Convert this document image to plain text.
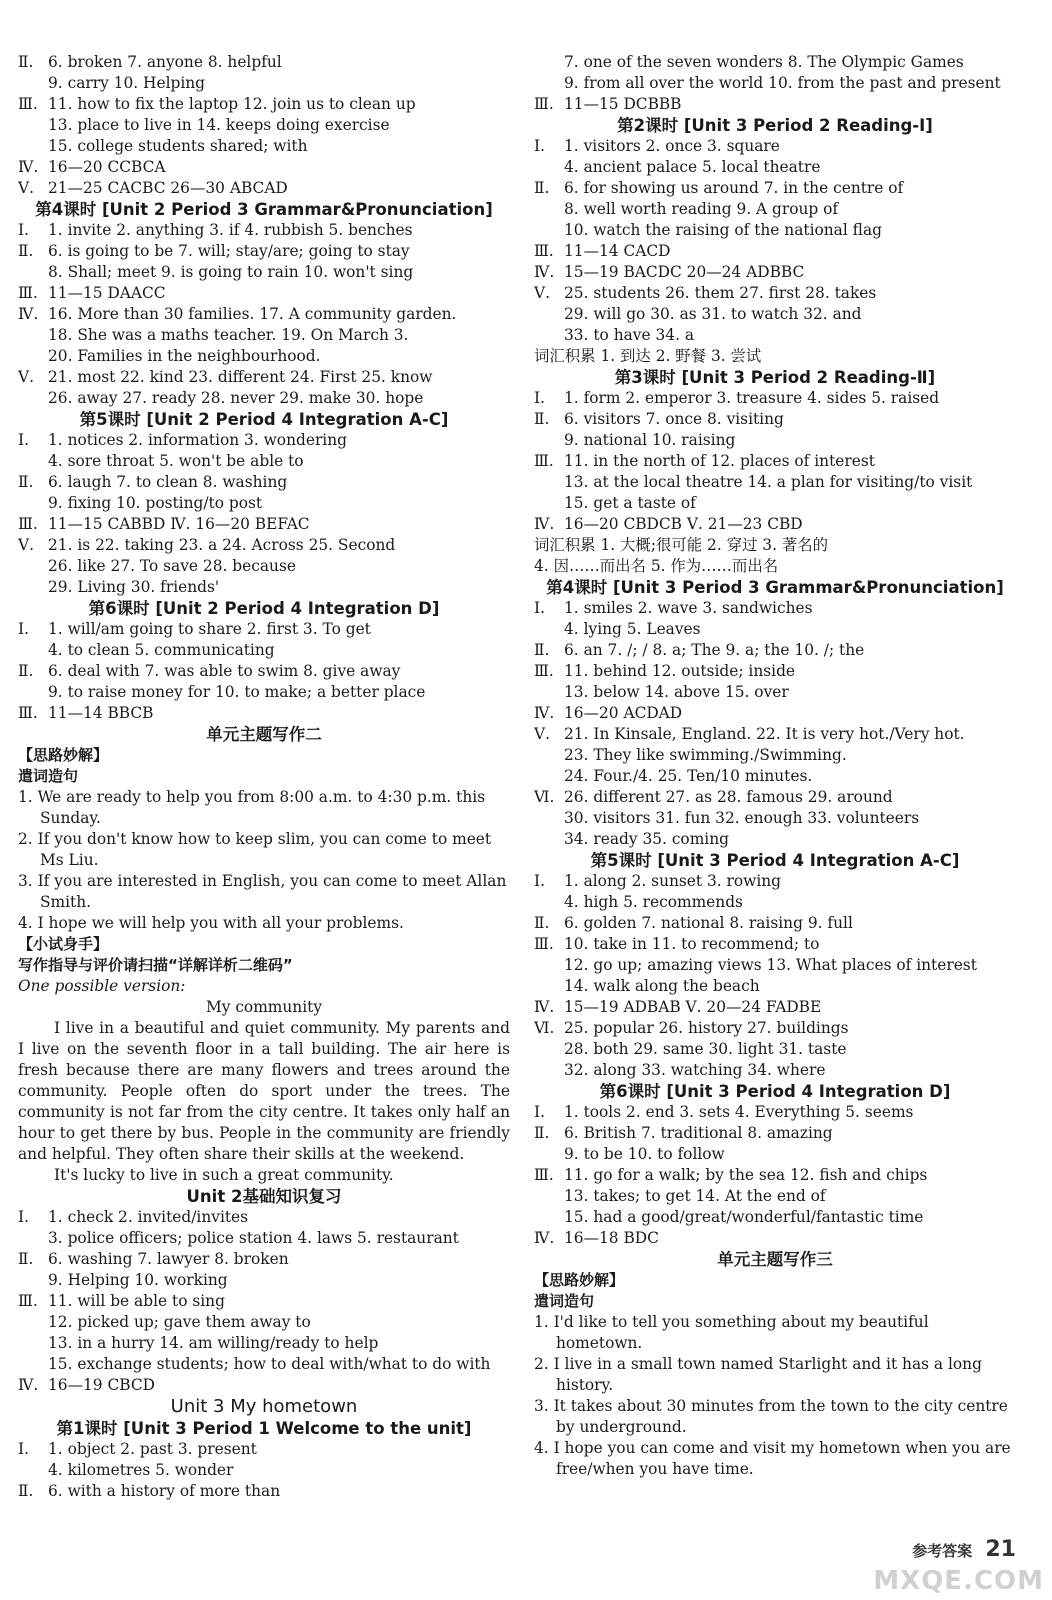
Ⅱ. 6. broken 7. anyone 8. helpful
9. carry 10. Helping
Ⅲ. 11. how to fix the laptop 12. join us to clean up
13. place to live in 14. keeps doing exercise
15. college students shared; with
Ⅳ. 16—20 CCBCA
Ⅴ. 21—25 CACBC 26—30 ABCAD
第4课时 [Unit 2 Period 3 Grammar&Pronunciation]
Ⅰ. 1. invite 2. anything 3. if 4. rubbish 5. benches
Ⅱ. 6. is going to be 7. will; stay/are; going to stay
8. Shall; meet 9. is going to rain 10. won't sing
Ⅲ. 11—15 DAACC
Ⅳ. 16. More than 30 families. 17. A community garden.
18. She was a maths teacher. 19. On March 3.
20. Families in the neighbourhood.
Ⅴ. 21. most 22. kind 23. different 24. First 25. know
26. away 27. ready 28. never 29. make 30. hope
第5课时 [Unit 2 Period 4 Integration A-C]
Ⅰ. 1. notices 2. information 3. wondering
4. sore throat 5. won't be able to
Ⅱ. 6. laugh 7. to clean 8. washing
9. fixing 10. posting/to post
Ⅲ. 11—15 CABBD Ⅳ. 16—20 BEFAC
Ⅴ. 21. is 22. taking 23. a 24. Across 25. Second
26. like 27. To save 28. because
29. Living 30. friends'
第6课时 [Unit 2 Period 4 Integration D]
Ⅰ. 1. will/am going to share 2. first 3. To get
4. to clean 5. communicating
Ⅱ. 6. deal with 7. was able to swim 8. give away
9. to raise money for 10. to make; a better place
Ⅲ. 11—14 BBCB
单元主题写作二
【思路妙解】
遣词造句
1. We are ready to help you from 8:00 a.m. to 4:30 p.m. this Sunday.
2. If you don't know how to keep slim, you can come to meet Ms Liu.
3. If you are interested in English, you can come to meet Allan Smith.
4. I hope we will help you with all your problems.
【小试身手】
写作指导与评价请扫描“详解详析二维码”
One possible version:
My community
I live in a beautiful and quiet community. My parents and I live on the seventh floor in a tall building. The air here is fresh because there are many flowers and trees around the community. People often do sport under the trees. The community is not far from the city centre. It takes only half an hour to get there by bus. People in the community are friendly and helpful. They often share their skills at the weekend.
It's lucky to live in such a great community.
Unit 2基础知识复习
Ⅰ. 1. check 2. invited/invites
3. police officers; police station 4. laws 5. restaurant
Ⅱ. 6. washing 7. lawyer 8. broken
9. Helping 10. working
Ⅲ. 11. will be able to sing
12. picked up; gave them away to
13. in a hurry 14. am willing/ready to help
15. exchange students; how to deal with/what to do with
Ⅳ. 16—19 CBCD
Unit 3 My hometown
第1课时 [Unit 3 Period 1 Welcome to the unit]
Ⅰ. 1. object 2. past 3. present
4. kilometres 5. wonder
Ⅱ. 6. with a history of more than
7. one of the seven wonders 8. The Olympic Games
9. from all over the world 10. from the past and present
Ⅲ. 11—15 DCBBB
第2课时 [Unit 3 Period 2 Reading-Ⅰ]
Ⅰ. 1. visitors 2. once 3. square
4. ancient palace 5. local theatre
Ⅱ. 6. for showing us around 7. in the centre of
8. well worth reading 9. A group of
10. watch the raising of the national flag
Ⅲ. 11—14 CACD
Ⅳ. 15—19 BACDC 20—24 ADBBC
Ⅴ. 25. students 26. them 27. first 28. takes
29. will go 30. as 31. to watch 32. and
33. to have 34. a
词汇积累 1. 到达 2. 野餐 3. 尝试
第3课时 [Unit 3 Period 2 Reading-Ⅱ]
Ⅰ. 1. form 2. emperor 3. treasure 4. sides 5. raised
Ⅱ. 6. visitors 7. once 8. visiting
9. national 10. raising
Ⅲ. 11. in the north of 12. places of interest
13. at the local theatre 14. a plan for visiting/to visit
15. get a taste of
Ⅳ. 16—20 CBDCB Ⅴ. 21—23 CBD
词汇积累 1. 大概;很可能 2. 穿过 3. 著名的
4. 因……而出名 5. 作为……而出名
第4课时 [Unit 3 Period 3 Grammar&Pronunciation]
Ⅰ. 1. smiles 2. wave 3. sandwiches
4. lying 5. Leaves
Ⅱ. 6. an 7. /; / 8. a; The 9. a; the 10. /; the
Ⅲ. 11. behind 12. outside; inside
13. below 14. above 15. over
Ⅳ. 16—20 ACDAD
Ⅴ. 21. In Kinsale, England. 22. It is very hot./Very hot.
23. They like swimming./Swimming.
24. Four./4. 25. Ten/10 minutes.
Ⅵ. 26. different 27. as 28. famous 29. around
30. visitors 31. fun 32. enough 33. volunteers
34. ready 35. coming
第5课时 [Unit 3 Period 4 Integration A-C]
Ⅰ. 1. along 2. sunset 3. rowing
4. high 5. recommends
Ⅱ. 6. golden 7. national 8. raising 9. full
Ⅲ. 10. take in 11. to recommend; to
12. go up; amazing views 13. What places of interest
14. walk along the beach
Ⅳ. 15—19 ADBAB Ⅴ. 20—24 FADBE
Ⅵ. 25. popular 26. history 27. buildings
28. both 29. same 30. light 31. taste
32. along 33. watching 34. where
第6课时 [Unit 3 Period 4 Integration D]
Ⅰ. 1. tools 2. end 3. sets 4. Everything 5. seems
Ⅱ. 6. British 7. traditional 8. amazing
9. to be 10. to follow
Ⅲ. 11. go for a walk; by the sea 12. fish and chips
13. takes; to get 14. At the end of
15. had a good/great/wonderful/fantastic time
Ⅳ. 16—18 BDC
单元主题写作三
【思路妙解】
遣词造句
1. I'd like to tell you something about my beautiful hometown.
2. I live in a small town named Starlight and it has a long history.
3. It takes about 30 minutes from the town to the city centre by underground.
4. I hope you can come and visit my hometown when you are free/when you have time.
参考答案 21
MXQE.COM
